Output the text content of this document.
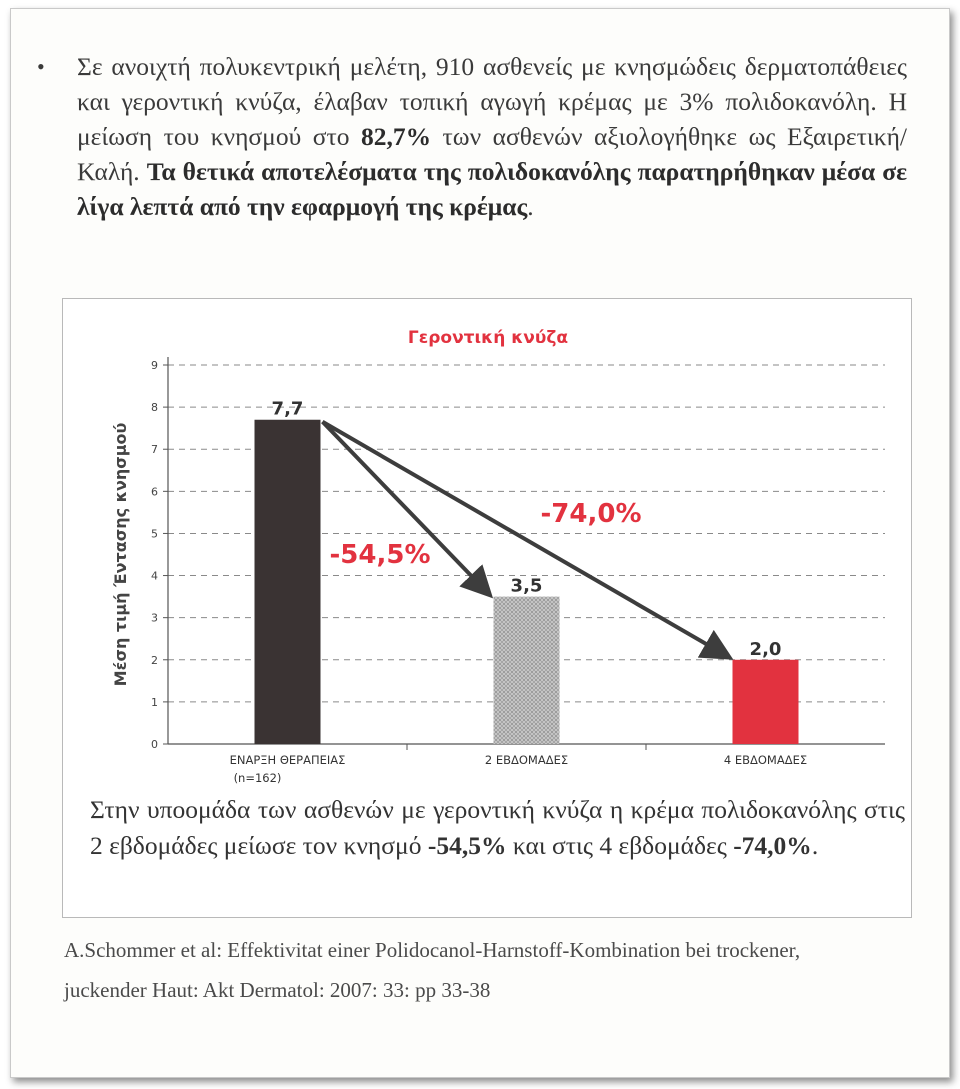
• Σε ανοιχτή πολυκεντρική μελέτη, 910 ασθενείς με κνησμώδεις δερματοπάθειες και γεροντική κνύζα, έλαβαν τοπική αγωγή κρέμας με 3% πολιδοκανόλη. Η μείωση του κνησμού στο 82,7% των ασθενών αξιολογήθηκε ως Εξαιρετική/Καλή. Τα θετικά αποτελέσματα της πολιδοκανόλης παρατηρήθηκαν μέσα σε λίγα λεπτά από την εφαρμογή της κρέμας.

Γεροντική κνύζα
0
1
2
3
4
5
6
7
8
9
Μέση τιμή Έντασης κνησμού
7,7
ΕΝΑΡΞΗ ΘΕΡΑΠΕΙΑΣ
(n=162)
3,5
2 ΕΒΔΟΜΑΔΕΣ
2,0
4 ΕΒΔΟΜΑΔΕΣ
-54,5%
-74,0%

Στην υποομάδα των ασθενών με γεροντική κνύζα η κρέμα πολιδοκανόλης στις 2 εβδομάδες μείωσε τον κνησμό -54,5% και στις 4 εβδομάδες -74,0%.

A.Schommer et al: Effektivitat einer Polidocanol-Harnstoff-Kombination bei trockener, juckender Haut: Akt Dermatol: 2007: 33: pp 33-38
